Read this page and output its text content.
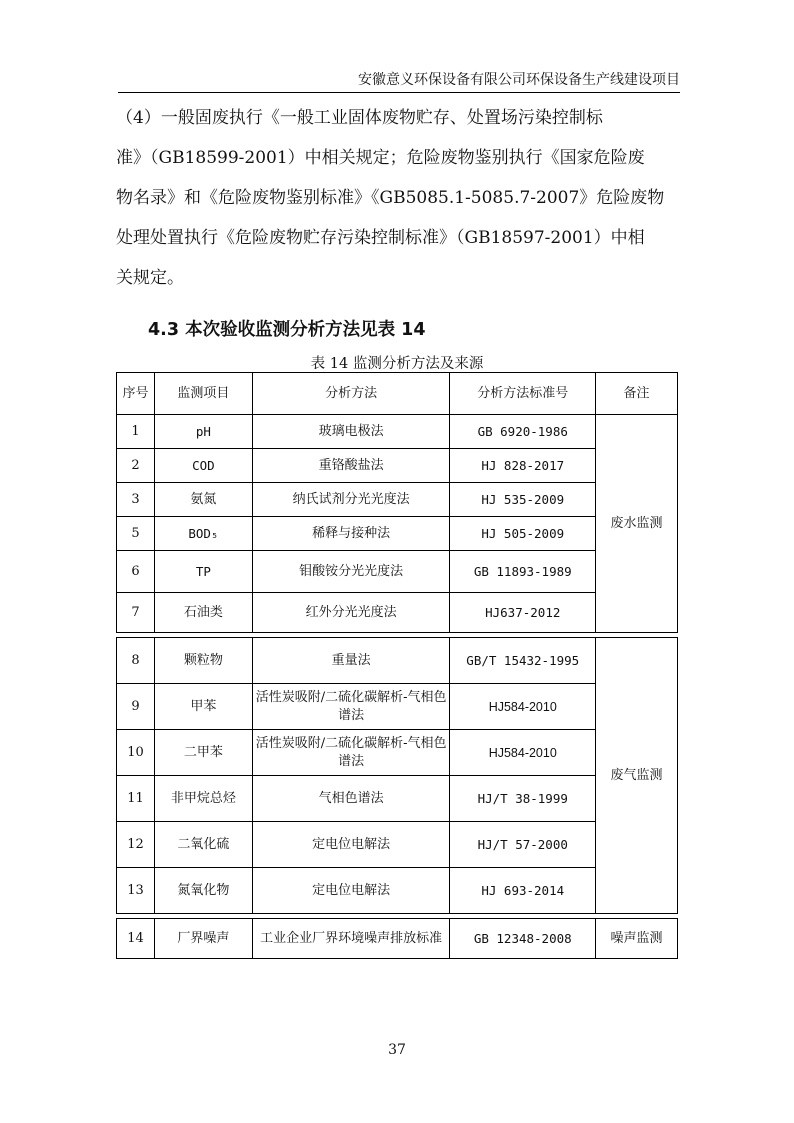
安徽意义环保设备有限公司环保设备生产线建设项目
（4）一般固废执行《一般工业固体废物贮存、处置场污染控制标
准》（GB18599-2001）中相关规定；危险废物鉴别执行《国家危险废
物名录》和《危险废物鉴别标准》《GB5085.1-5085.7-2007》危险废物
处理处置执行《危险废物贮存污染控制标准》（GB18597-2001）中相
关规定。
4.3 本次验收监测分析方法见表 14
表 14 监测分析方法及来源
序号	监测项目	分析方法	分析方法标准号	备注
1	pH	玻璃电极法	GB 6920-1986	废水监测
2	COD	重铬酸盐法	HJ 828-2017	
3	氨氮	纳氏试剂分光光度法	HJ 535-2009	
5	BOD₅	稀释与接种法	HJ 505-2009	
6	TP	钼酸铵分光光度法	GB 11893-1989	
7	石油类	红外分光光度法	HJ637-2012	

8	颗粒物	重量法	GB/T 15432-1995	废气监测
9	甲苯	活性炭吸附/二硫化碳解析-气相色谱法	HJ584-2010	
10	二甲苯	活性炭吸附/二硫化碳解析-气相色谱法	HJ584-2010	
11	非甲烷总烃	气相色谱法	HJ/T 38-1999	
12	二氧化硫	定电位电解法	HJ/T 57-2000	
13	氮氧化物	定电位电解法	HJ 693-2014	

14	厂界噪声	工业企业厂界环境噪声排放标准	GB 12348-2008	噪声监测
37
